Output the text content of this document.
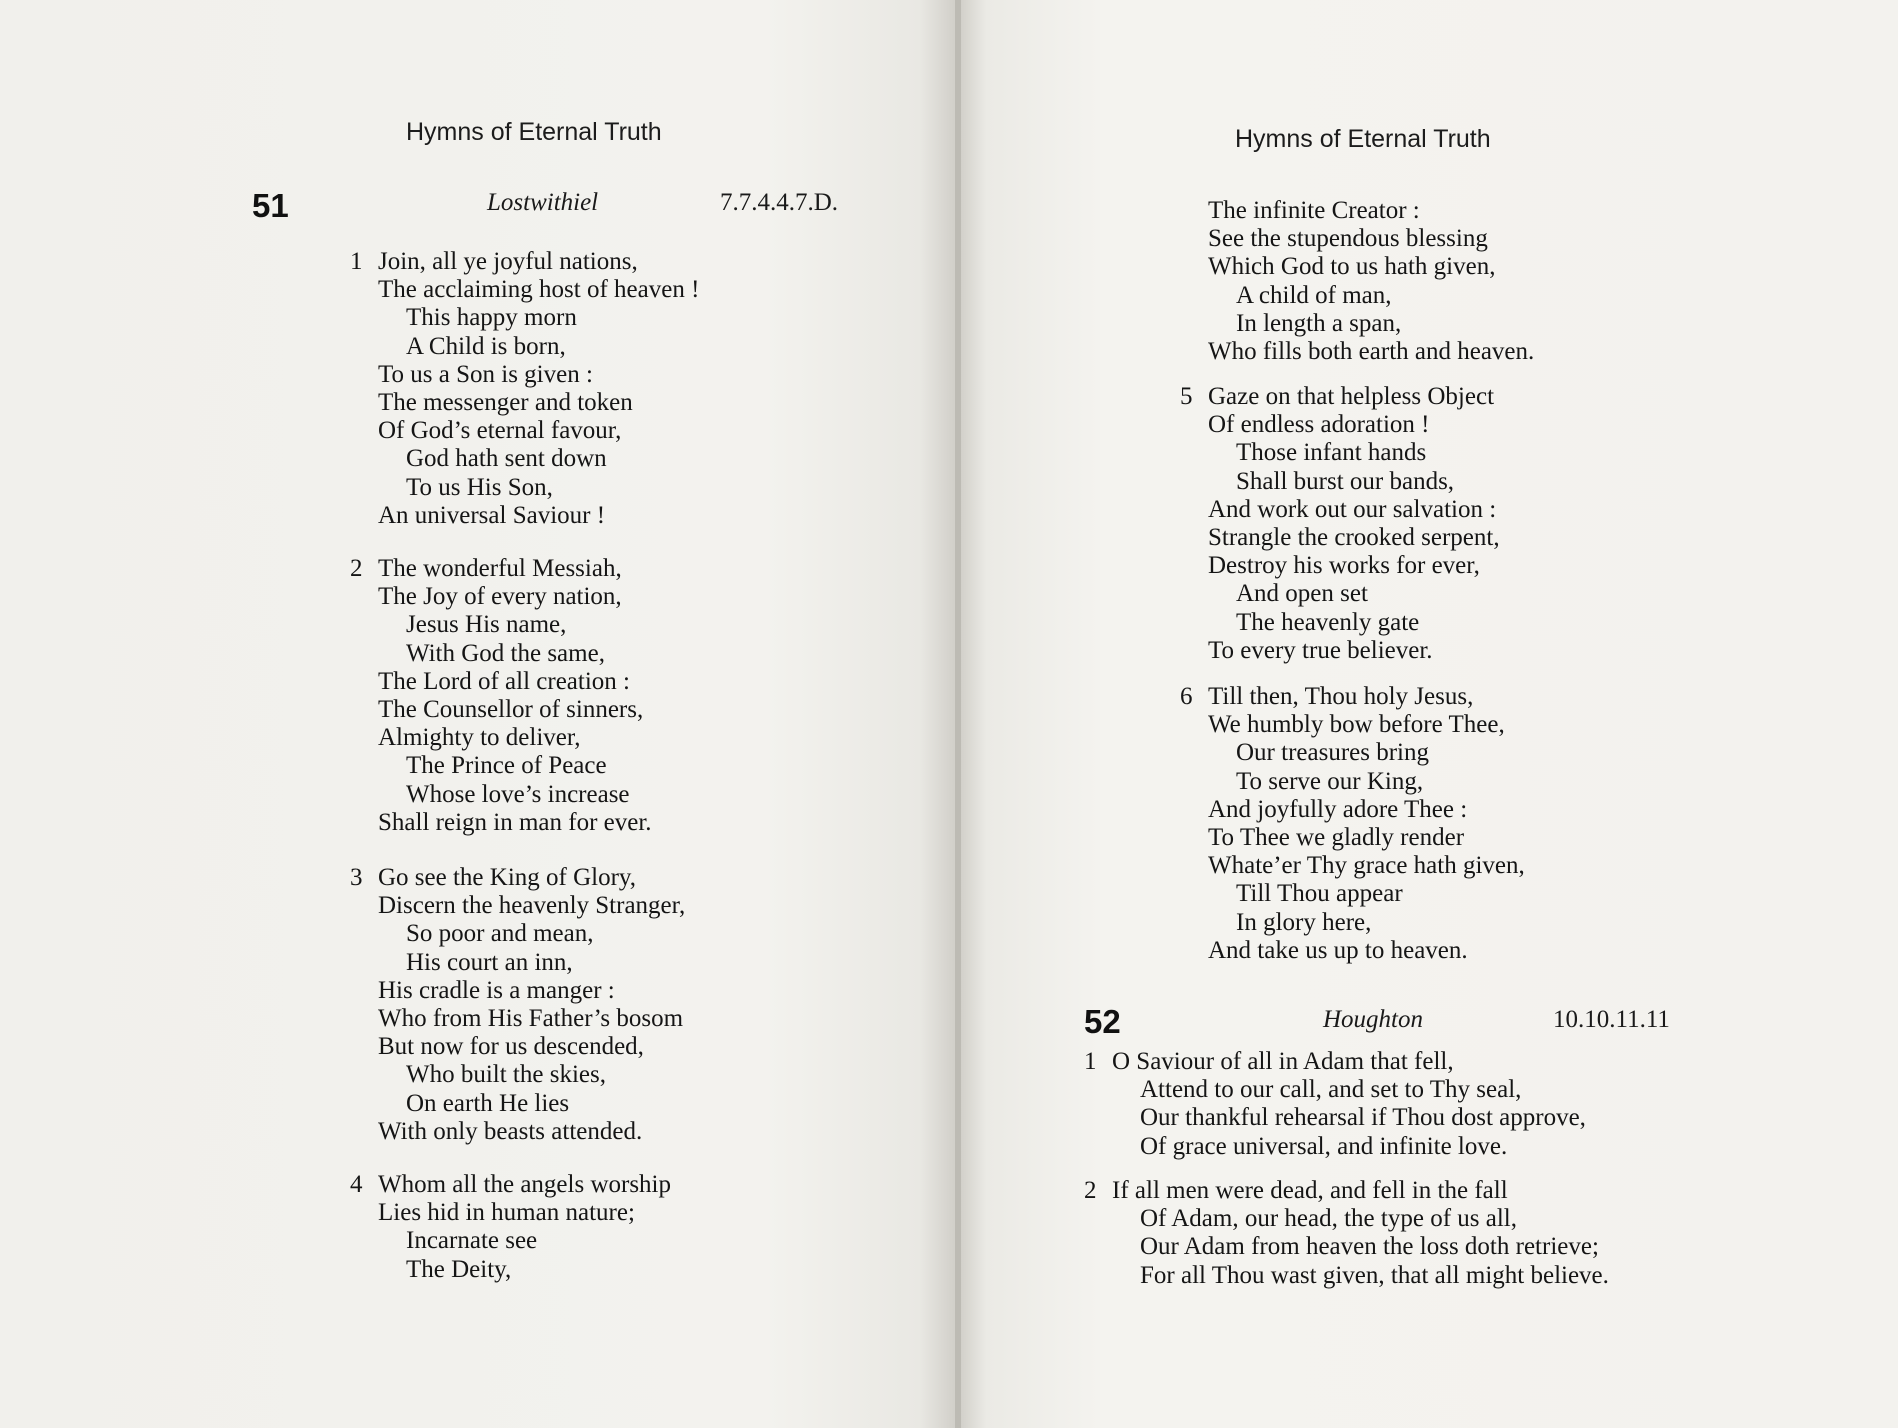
Hymns of Eternal Truth
51	Lostwithiel	7.7.4.4.7.D.
1 Join, all ye joyful nations,
The acclaiming host of heaven !
This happy morn
A Child is born,
To us a Son is given :
The messenger and token
Of God’s eternal favour,
God hath sent down
To us His Son,
An universal Saviour !
2 The wonderful Messiah,
The Joy of every nation,
Jesus His name,
With God the same,
The Lord of all creation :
The Counsellor of sinners,
Almighty to deliver,
The Prince of Peace
Whose love’s increase
Shall reign in man for ever.
3 Go see the King of Glory,
Discern the heavenly Stranger,
So poor and mean,
His court an inn,
His cradle is a manger :
Who from His Father’s bosom
But now for us descended,
Who built the skies,
On earth He lies
With only beasts attended.
4 Whom all the angels worship
Lies hid in human nature;
Incarnate see
The Deity,
Hymns of Eternal Truth
The infinite Creator :
See the stupendous blessing
Which God to us hath given,
A child of man,
In length a span,
Who fills both earth and heaven.
5 Gaze on that helpless Object
Of endless adoration !
Those infant hands
Shall burst our bands,
And work out our salvation :
Strangle the crooked serpent,
Destroy his works for ever,
And open set
The heavenly gate
To every true believer.
6 Till then, Thou holy Jesus,
We humbly bow before Thee,
Our treasures bring
To serve our King,
And joyfully adore Thee :
To Thee we gladly render
Whate’er Thy grace hath given,
Till Thou appear
In glory here,
And take us up to heaven.
52	Houghton	10.10.11.11
1 O Saviour of all in Adam that fell,
Attend to our call, and set to Thy seal,
Our thankful rehearsal if Thou dost approve,
Of grace universal, and infinite love.
2 If all men were dead, and fell in the fall
Of Adam, our head, the type of us all,
Our Adam from heaven the loss doth retrieve;
For all Thou wast given, that all might believe.
